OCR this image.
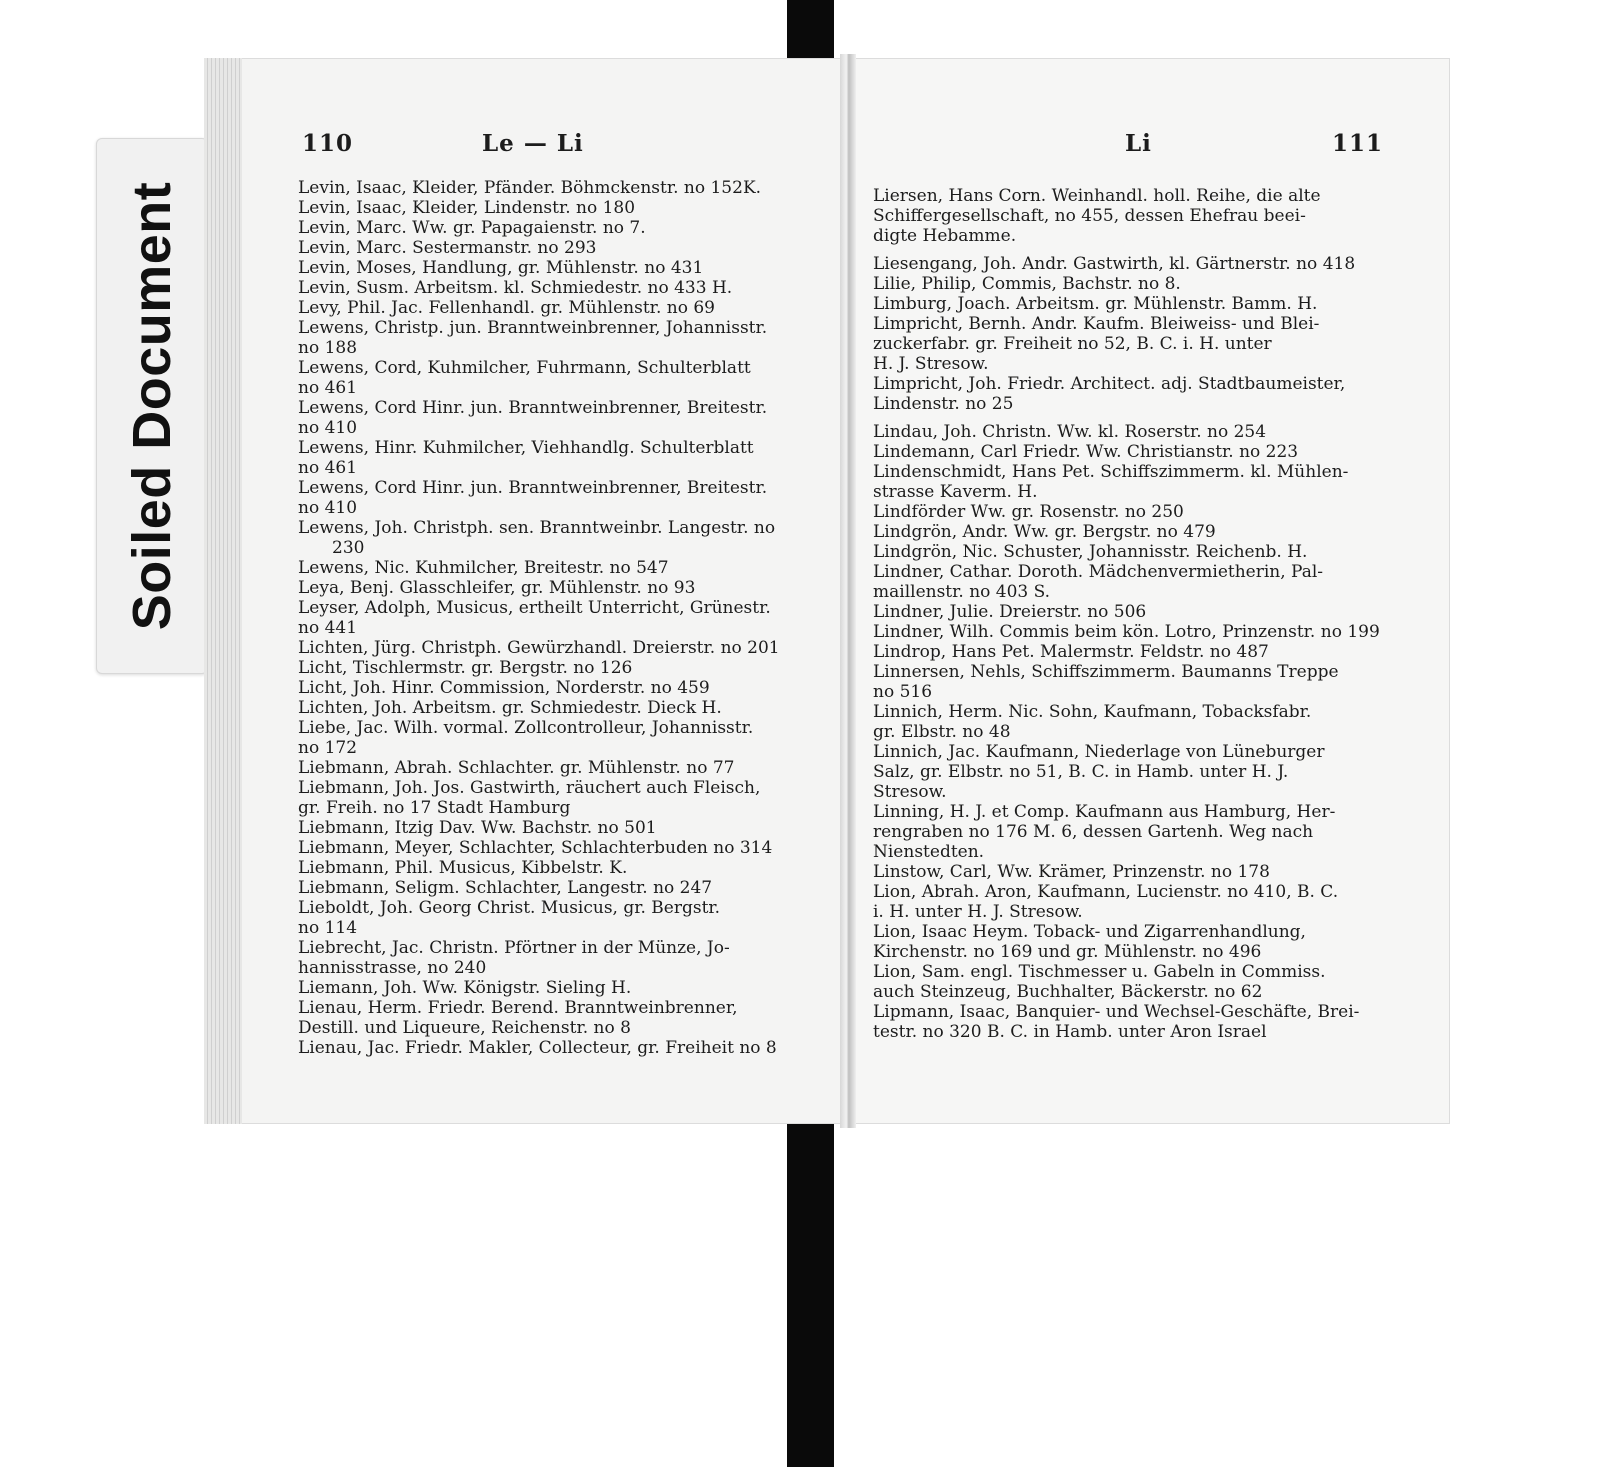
Soiled Document
110	Le — Li

Levin, Isaac, Kleider, Pfänder. Böhmckenstr. no 152K.

Levin, Isaac, Kleider, Lindenstr. no 180

Levin, Marc. Ww. gr. Papagaienstr. no 7.

Levin, Marc. Sestermanstr. no 293

Levin, Moses, Handlung, gr. Mühlenstr. no 431

Levin, Susm. Arbeitsm. kl. Schmiedestr. no 433 H.

Levy, Phil. Jac. Fellenhandl. gr. Mühlenstr. no 69

Lewens, Christp. jun. Branntweinbrenner, Johannisstr.
no 188

Lewens, Cord, Kuhmilcher, Fuhrmann, Schulterblatt
no 461

Lewens, Cord Hinr. jun. Branntweinbrenner, Breitestr.
no 410

Lewens, Hinr. Kuhmilcher, Viehhandlg. Schulterblatt
no 461

Lewens, Cord Hinr. jun. Branntweinbrenner, Breitestr.
no 410

Lewens, Joh. Christph. sen. Branntweinbr. Langestr. no 230

Lewens, Nic. Kuhmilcher, Breitestr. no 547

Leya, Benj. Glasschleifer, gr. Mühlenstr. no 93

Leyser, Adolph, Musicus, ertheilt Unterricht, Grünestr.
no 441

Lichten, Jürg. Christph. Gewürzhandl. Dreierstr. no 201

Licht, Tischlermstr. gr. Bergstr. no 126

Licht, Joh. Hinr. Commission, Norderstr. no 459

Lichten, Joh. Arbeitsm. gr. Schmiedestr. Dieck H.

Liebe, Jac. Wilh. vormal. Zollcontrolleur, Johannisstr.
no 172

Liebmann, Abrah. Schlachter. gr. Mühlenstr. no 77

Liebmann, Joh. Jos. Gastwirth, räuchert auch Fleisch,
gr. Freih. no 17 Stadt Hamburg

Liebmann, Itzig Dav. Ww. Bachstr. no 501

Liebmann, Meyer, Schlachter, Schlachterbuden no 314

Liebmann, Phil. Musicus, Kibbelstr. K.

Liebmann, Seligm. Schlachter, Langestr. no 247

Lieboldt, Joh. Georg Christ. Musicus, gr. Bergstr.
no 114

Liebrecht, Jac. Christn. Pförtner in der Münze, Jo-
hannisstrasse, no 240

Liemann, Joh. Ww. Königstr. Sieling H.

Lienau, Herm. Friedr. Berend. Branntweinbrenner,
Destill. und Liqueure, Reichenstr. no 8

Lienau, Jac. Friedr. Makler, Collecteur, gr. Freiheit no 8

Li	111

Liersen, Hans Corn. Weinhandl. holl. Reihe, die alte
Schiffergesellschaft, no 455, dessen Ehefrau beei-
digte Hebamme.

Liesengang, Joh. Andr. Gastwirth, kl. Gärtnerstr. no 418

Lilie, Philip, Commis, Bachstr. no 8.

Limburg, Joach. Arbeitsm. gr. Mühlenstr. Bamm. H.

Limpricht, Bernh. Andr. Kaufm. Bleiweiss- und Blei-
zuckerfabr. gr. Freiheit no 52, B. C. i. H. unter
H. J. Stresow.

Limpricht, Joh. Friedr. Architect. adj. Stadtbaumeister,
Lindenstr. no 25

Lindau, Joh. Christn. Ww. kl. Roserstr. no 254

Lindemann, Carl Friedr. Ww. Christianstr. no 223

Lindenschmidt, Hans Pet. Schiffszimmerm. kl. Mühlen-
strasse Kaverm. H.

Lindförder Ww. gr. Rosenstr. no 250

Lindgrön, Andr. Ww. gr. Bergstr. no 479

Lindgrön, Nic. Schuster, Johannisstr. Reichenb. H.

Lindner, Cathar. Doroth. Mädchenvermietherin, Pal-
maillenstr. no 403 S.

Lindner, Julie. Dreierstr. no 506

Lindner, Wilh. Commis beim kön. Lotro, Prinzenstr. no 199

Lindrop, Hans Pet. Malermstr. Feldstr. no 487

Linnersen, Nehls, Schiffszimmerm. Baumanns Treppe
no 516

Linnich, Herm. Nic. Sohn, Kaufmann, Tobacksfabr.
gr. Elbstr. no 48

Linnich, Jac. Kaufmann, Niederlage von Lüneburger
Salz, gr. Elbstr. no 51, B. C. in Hamb. unter H. J.
Stresow.

Linning, H. J. et Comp. Kaufmann aus Hamburg, Her-
rengraben no 176 M. 6, dessen Gartenh. Weg nach
Nienstedten.

Linstow, Carl, Ww. Krämer, Prinzenstr. no 178

Lion, Abrah. Aron, Kaufmann, Lucienstr. no 410, B. C.
i. H. unter H. J. Stresow.

Lion, Isaac Heym. Toback- und Zigarrenhandlung,
Kirchenstr. no 169 und gr. Mühlenstr. no 496

Lion, Sam. engl. Tischmesser u. Gabeln in Commiss.
auch Steinzeug, Buchhalter, Bäckerstr. no 62

Lipmann, Isaac, Banquier- und Wechsel-Geschäfte, Brei-
testr. no 320 B. C. in Hamb. unter Aron Israel
